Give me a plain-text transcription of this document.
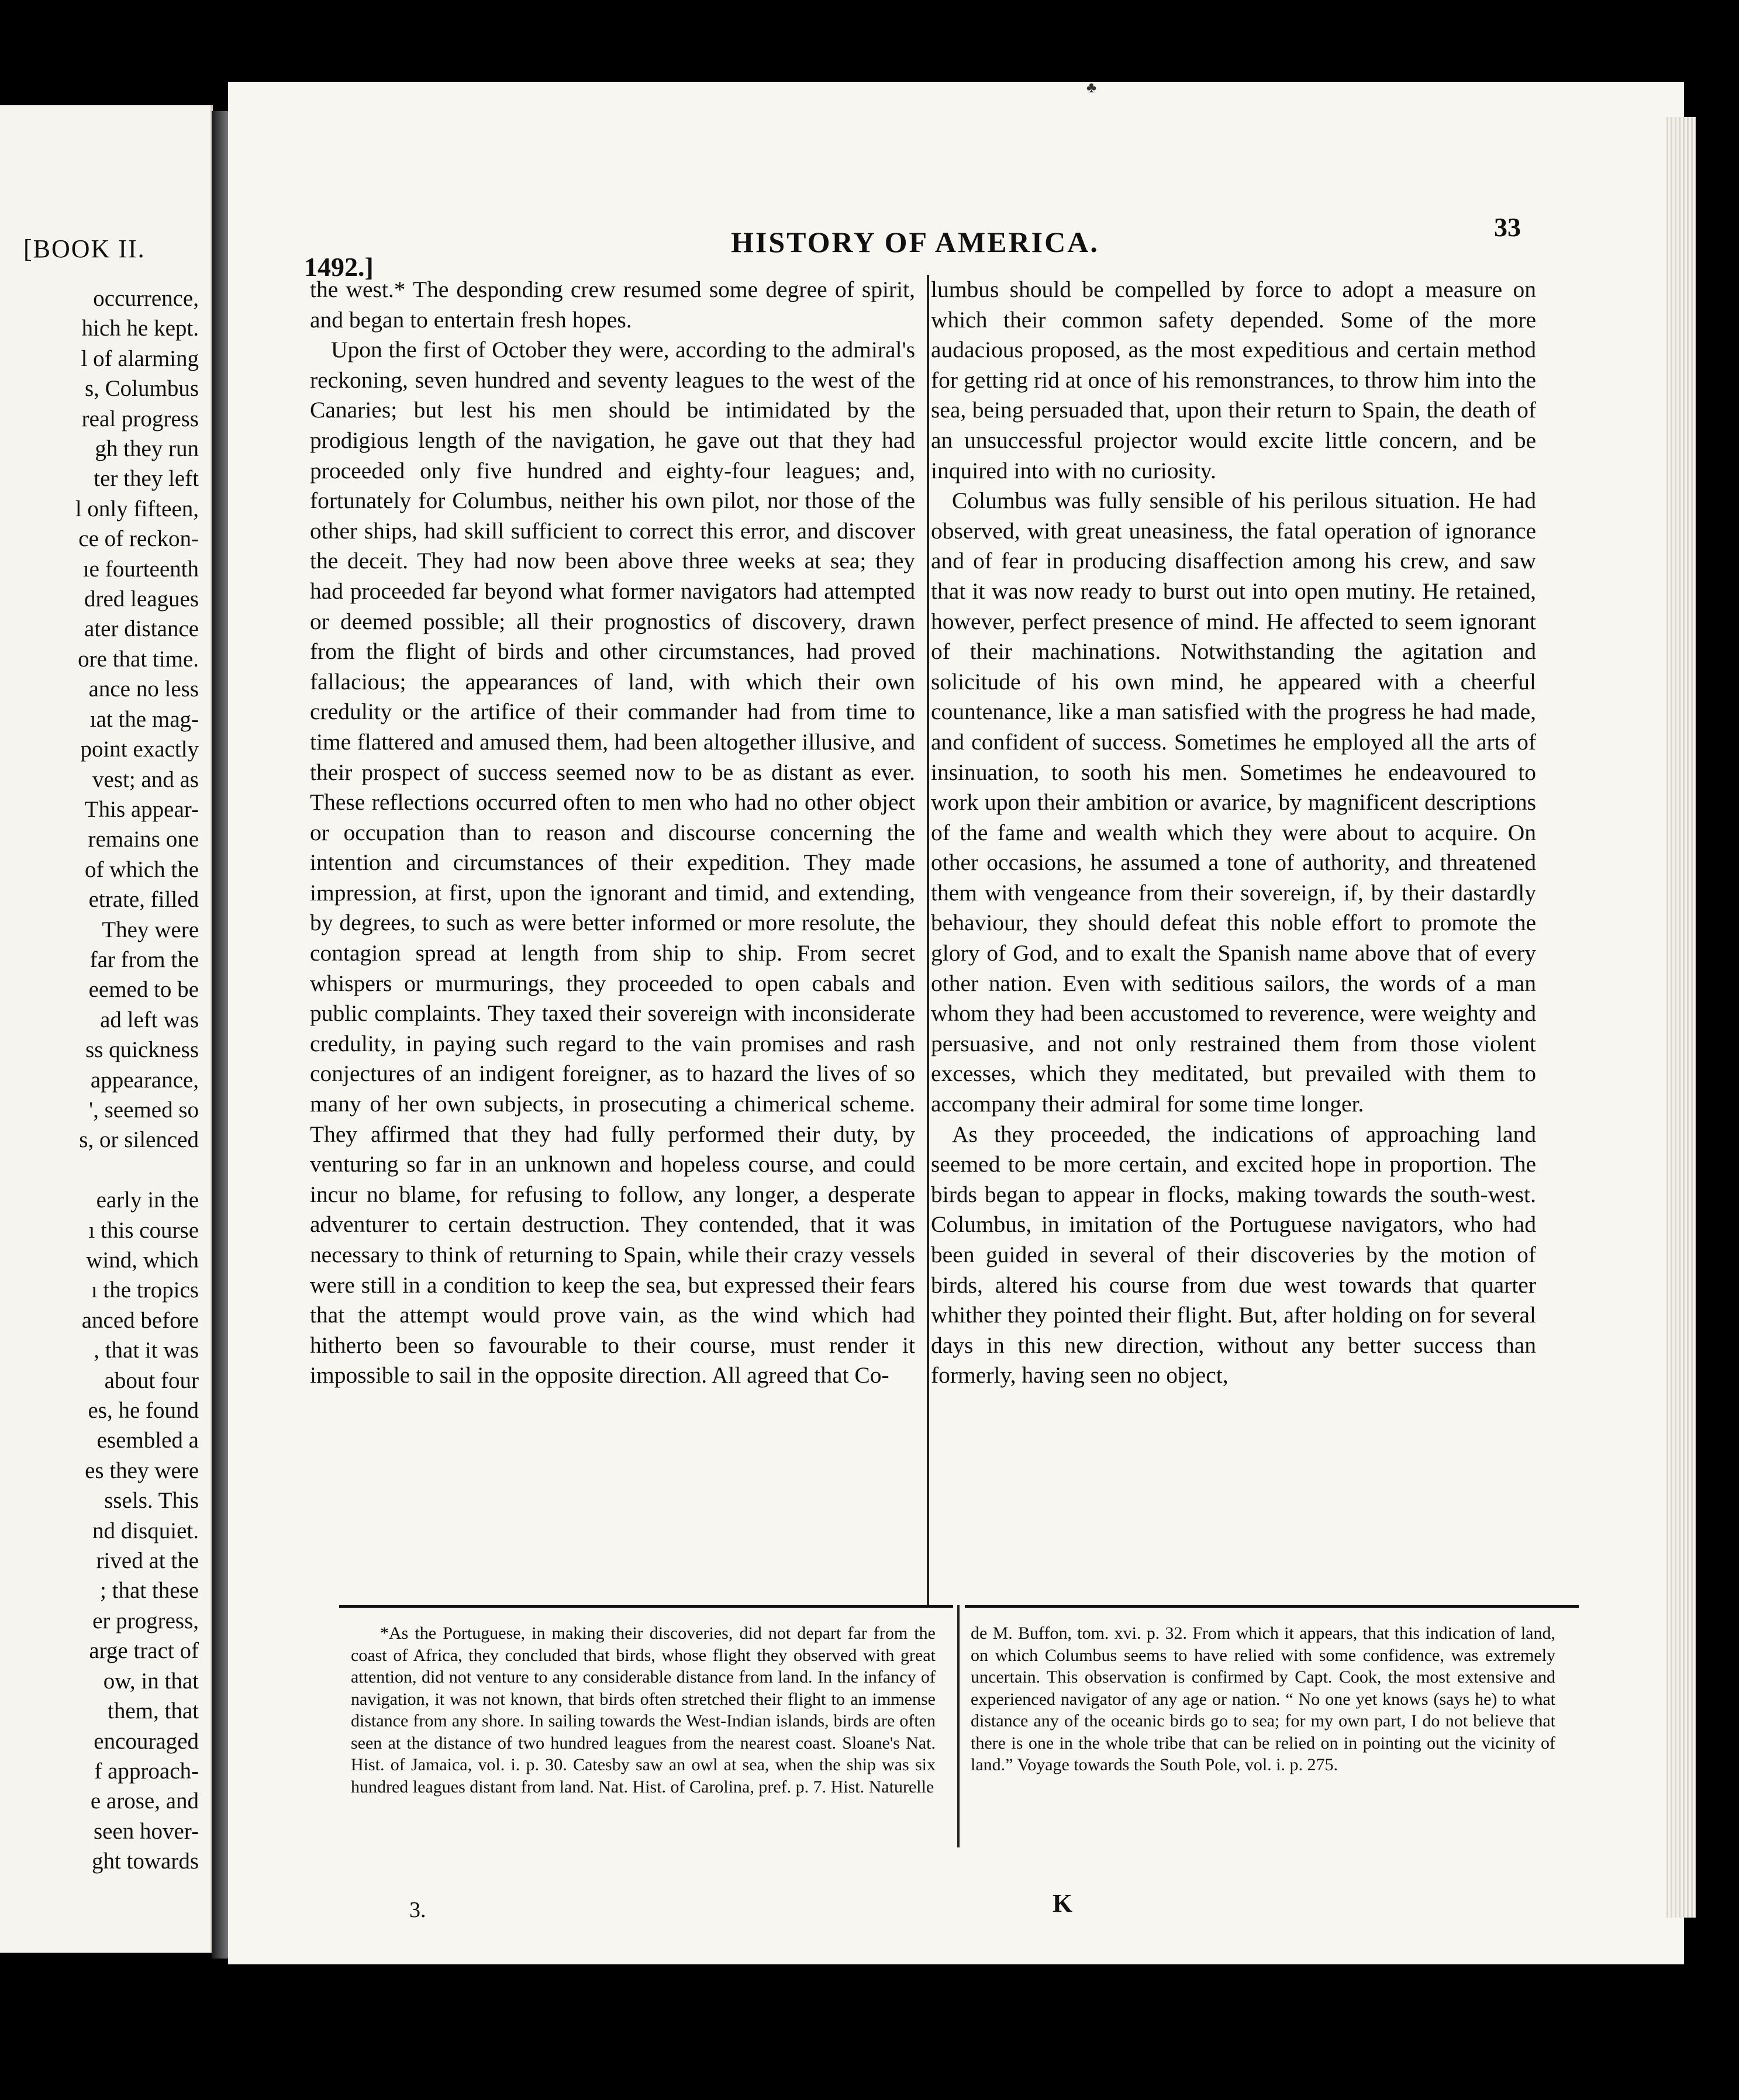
[BOOK II.
occurrence,
hich he kept.
l of alarming
s, Columbus
real progress
gh they run
ter they left
l only fifteen,
ce of reckon-
ıe fourteenth
dred leagues
ater distance
ore that time.
ance no less
ıat the mag-
point exactly
vest; and as
This appear-
remains one
of which the
etrate, filled
They were
far from the
eemed to be
ad left was
ss quickness
appearance,
', seemed so
s, or silenced

early in the
ı this course
wind, which
ı the tropics
anced before
, that it was
about four
es, he found
esembled a
es they were
ssels. This
nd disquiet.
rived at the
; that these
er progress,
arge tract of
ow, in that
them, that
encouraged
f approach-
e arose, and
seen hover-
ght towards
♣
HISTORY OF AMERICA.
1492.]
33

the west.* The desponding crew resumed some degree of spirit, and began to entertain fresh hopes.

Upon the first of October they were, according to the admiral's reckoning, seven hundred and seventy leagues to the west of the Canaries; but lest his men should be intimidated by the prodigious length of the navigation, he gave out that they had proceeded only five hundred and eighty-four leagues; and, fortunately for Columbus, neither his own pilot, nor those of the other ships, had skill sufficient to correct this error, and discover the deceit. They had now been above three weeks at sea; they had proceeded far beyond what former navigators had attempted or deemed possible; all their prognostics of discovery, drawn from the flight of birds and other circumstances, had proved fallacious; the appearances of land, with which their own credulity or the artifice of their commander had from time to time flattered and amused them, had been altogether illusive, and their prospect of success seemed now to be as distant as ever. These reflections occurred often to men who had no other object or occupation than to reason and discourse concerning the intention and circumstances of their expedition. They made impression, at first, upon the ignorant and timid, and extending, by degrees, to such as were better informed or more resolute, the contagion spread at length from ship to ship. From secret whispers or murmurings, they proceeded to open cabals and public complaints. They taxed their sovereign with inconsiderate credulity, in paying such regard to the vain promises and rash conjectures of an indigent foreigner, as to hazard the lives of so many of her own subjects, in prosecuting a chimerical scheme. They affirmed that they had fully performed their duty, by venturing so far in an unknown and hopeless course, and could incur no blame, for refusing to follow, any longer, a desperate adventurer to certain destruction. They contended, that it was necessary to think of returning to Spain, while their crazy vessels were still in a condition to keep the sea, but expressed their fears that the attempt would prove vain, as the wind which had hitherto been so favourable to their course, must render it impossible to sail in the opposite direction. All agreed that Co-

lumbus should be compelled by force to adopt a measure on which their common safety depended. Some of the more audacious proposed, as the most expeditious and certain method for getting rid at once of his remonstrances, to throw him into the sea, being persuaded that, upon their return to Spain, the death of an unsuccessful projector would excite little concern, and be inquired into with no curiosity.

Columbus was fully sensible of his perilous situation. He had observed, with great uneasiness, the fatal operation of ignorance and of fear in producing disaffection among his crew, and saw that it was now ready to burst out into open mutiny. He retained, however, perfect presence of mind. He affected to seem ignorant of their machinations. Notwithstanding the agitation and solicitude of his own mind, he appeared with a cheerful countenance, like a man satisfied with the progress he had made, and confident of success. Sometimes he employed all the arts of insinuation, to sooth his men. Sometimes he endeavoured to work upon their ambition or avarice, by magnificent descriptions of the fame and wealth which they were about to acquire. On other occasions, he assumed a tone of authority, and threatened them with vengeance from their sovereign, if, by their dastardly behaviour, they should defeat this noble effort to promote the glory of God, and to exalt the Spanish name above that of every other nation. Even with seditious sailors, the words of a man whom they had been accustomed to reverence, were weighty and persuasive, and not only restrained them from those violent excesses, which they meditated, but prevailed with them to accompany their admiral for some time longer.

As they proceeded, the indications of approaching land seemed to be more certain, and excited hope in proportion. The birds began to appear in flocks, making towards the south-west. Columbus, in imitation of the Portuguese navigators, who had been guided in several of their discoveries by the motion of birds, altered his course from due west towards that quarter whither they pointed their flight. But, after holding on for several days in this new direction, without any better success than formerly, having seen no object,

*As the Portuguese, in making their discoveries, did not depart far from the coast of Africa, they concluded that birds, whose flight they observed with great attention, did not venture to any considerable distance from land. In the infancy of navigation, it was not known, that birds often stretched their flight to an immense distance from any shore. In sailing towards the West-Indian islands, birds are often seen at the distance of two hundred leagues from the nearest coast. Sloane's Nat. Hist. of Jamaica, vol. i. p. 30. Catesby saw an owl at sea, when the ship was six hundred leagues distant from land. Nat. Hist. of Carolina, pref. p. 7. Hist. Naturelle
de M. Buffon, tom. xvi. p. 32. From which it appears, that this indication of land, on which Columbus seems to have relied with some confidence, was extremely uncertain. This observation is confirmed by Capt. Cook, the most extensive and experienced navigator of any age or nation. “ No one yet knows (says he) to what distance any of the oceanic birds go to sea; for my own part, I do not believe that there is one in the whole tribe that can be relied on in pointing out the vicinity of land.” Voyage towards the South Pole, vol. i. p. 275.
3.	K
